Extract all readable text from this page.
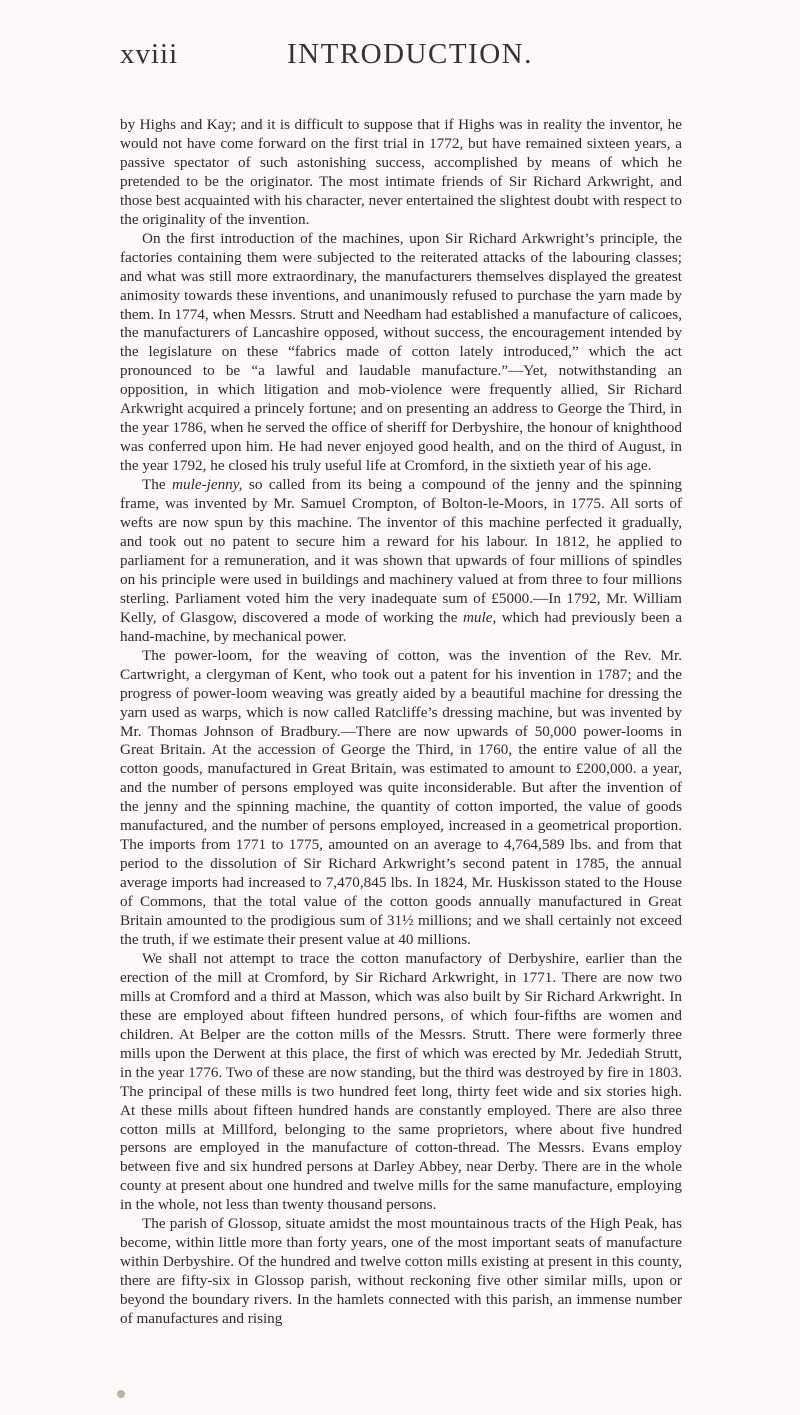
xviii	INTRODUCTION.

by Highs and Kay; and it is difficult to suppose that if Highs was in reality the inventor, he would not have come forward on the first trial in 1772, but have remained sixteen years, a passive spectator of such astonishing success, accomplished by means of which he pretended to be the originator. The most intimate friends of Sir Richard Arkwright, and those best acquainted with his character, never entertained the slightest doubt with respect to the originality of the invention.

On the first introduction of the machines, upon Sir Richard Arkwright’s principle, the factories containing them were subjected to the reiterated attacks of the labouring classes; and what was still more extraordinary, the manufacturers themselves displayed the greatest animosity towards these inventions, and unanimously refused to purchase the yarn made by them. In 1774, when Messrs. Strutt and Needham had established a manufacture of calicoes, the manufacturers of Lancashire opposed, without success, the encouragement intended by the legislature on these “fabrics made of cotton lately introduced,” which the act pronounced to be “a lawful and laudable manufacture.”—Yet, notwithstanding an opposition, in which litigation and mob-violence were frequently allied, Sir Richard Arkwright acquired a princely fortune; and on presenting an address to George the Third, in the year 1786, when he served the office of sheriff for Derbyshire, the honour of knighthood was conferred upon him. He had never enjoyed good health, and on the third of August, in the year 1792, he closed his truly useful life at Cromford, in the sixtieth year of his age.

The mule-jenny, so called from its being a compound of the jenny and the spinning frame, was invented by Mr. Samuel Crompton, of Bolton-le-Moors, in 1775. All sorts of wefts are now spun by this machine. The inventor of this machine perfected it gradually, and took out no patent to secure him a reward for his labour. In 1812, he applied to parliament for a remuneration, and it was shown that upwards of four millions of spindles on his principle were used in buildings and machinery valued at from three to four millions sterling. Parliament voted him the very inadequate sum of £5000.—In 1792, Mr. William Kelly, of Glasgow, discovered a mode of working the mule, which had previously been a hand-machine, by mechanical power.

The power-loom, for the weaving of cotton, was the invention of the Rev. Mr. Cartwright, a clergyman of Kent, who took out a patent for his invention in 1787; and the progress of power-loom weaving was greatly aided by a beautiful machine for dressing the yarn used as warps, which is now called Ratcliffe’s dressing machine, but was invented by Mr. Thomas Johnson of Bradbury.—There are now upwards of 50,000 power-looms in Great Britain. At the accession of George the Third, in 1760, the entire value of all the cotton goods, manufactured in Great Britain, was estimated to amount to £200,000. a year, and the number of persons employed was quite inconsiderable. But after the invention of the jenny and the spinning machine, the quantity of cotton imported, the value of goods manufactured, and the number of persons employed, increased in a geometrical proportion. The imports from 1771 to 1775, amounted on an average to 4,764,589 lbs. and from that period to the dissolution of Sir Richard Arkwright’s second patent in 1785, the annual average imports had increased to 7,470,845 lbs. In 1824, Mr. Huskisson stated to the House of Commons, that the total value of the cotton goods annually manufactured in Great Britain amounted to the prodigious sum of 31½ millions; and we shall certainly not exceed the truth, if we estimate their present value at 40 millions.

We shall not attempt to trace the cotton manufactory of Derbyshire, earlier than the erection of the mill at Cromford, by Sir Richard Arkwright, in 1771. There are now two mills at Cromford and a third at Masson, which was also built by Sir Richard Arkwright. In these are employed about fifteen hundred persons, of which four-fifths are women and children. At Belper are the cotton mills of the Messrs. Strutt. There were formerly three mills upon the Derwent at this place, the first of which was erected by Mr. Jedediah Strutt, in the year 1776. Two of these are now standing, but the third was destroyed by fire in 1803. The principal of these mills is two hundred feet long, thirty feet wide and six stories high. At these mills about fifteen hundred hands are constantly employed. There are also three cotton mills at Millford, belonging to the same proprietors, where about five hundred persons are employed in the manufacture of cotton-thread. The Messrs. Evans employ between five and six hundred persons at Darley Abbey, near Derby. There are in the whole county at present about one hundred and twelve mills for the same manufacture, employing in the whole, not less than twenty thousand persons.

The parish of Glossop, situate amidst the most mountainous tracts of the High Peak, has become, within little more than forty years, one of the most important seats of manufacture within Derbyshire. Of the hundred and twelve cotton mills existing at present in this county, there are fifty-six in Glossop parish, without reckoning five other similar mills, upon or beyond the boundary rivers. In the hamlets connected with this parish, an immense number of manufactures and rising
